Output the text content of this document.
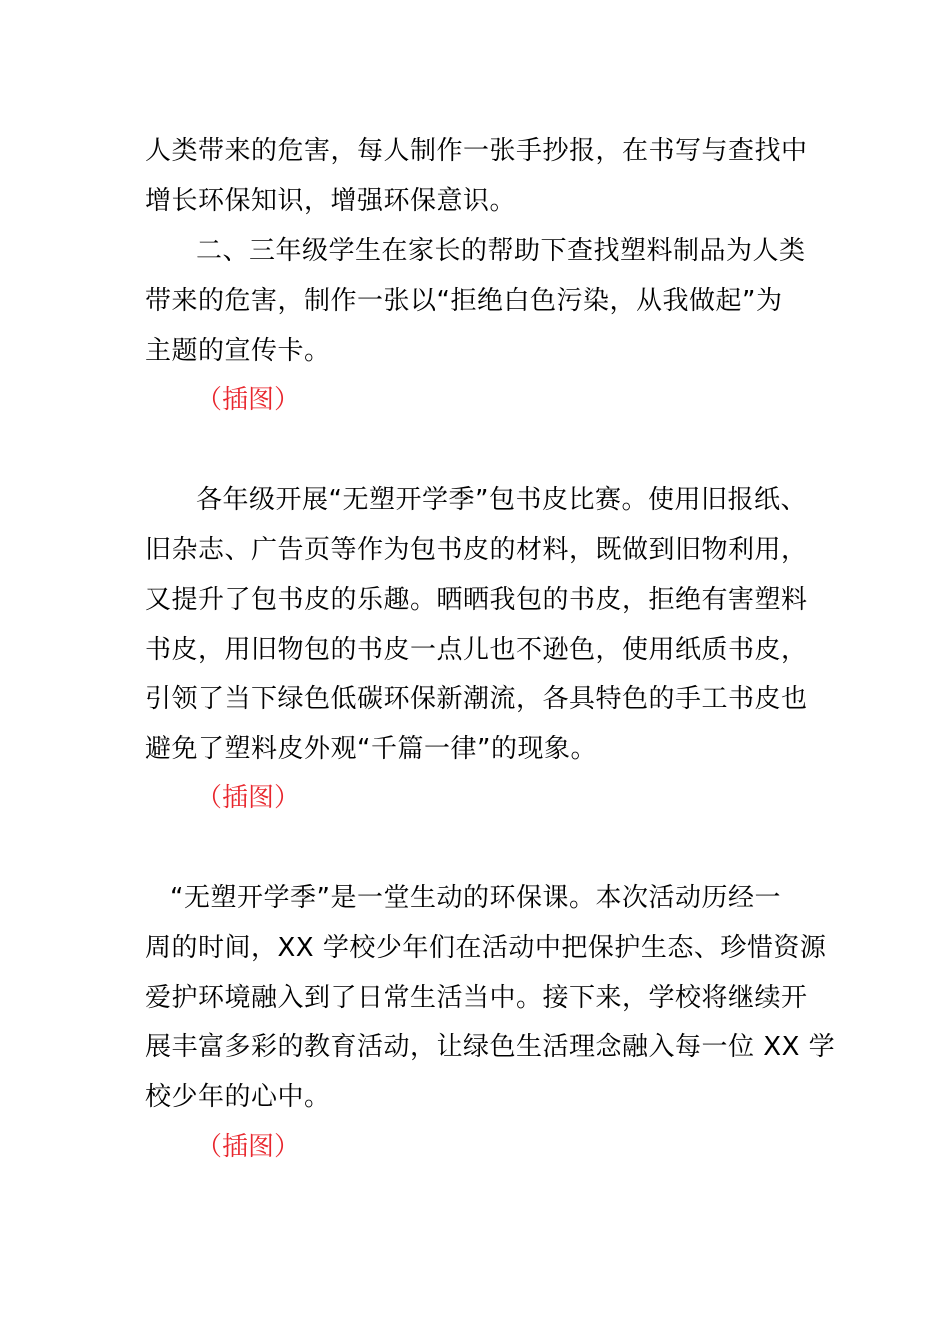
人类带来的危害，每人制作一张手抄报，在书写与查找中
增长环保知识，增强环保意识。
二、三年级学生在家长的帮助下查找塑料制品为人类
带来的危害，制作一张以“拒绝白色污染，从我做起”为
主题的宣传卡。
（插图）
各年级开展“无塑开学季”包书皮比赛。使用旧报纸、
旧杂志、广告页等作为包书皮的材料，既做到旧物利用，
又提升了包书皮的乐趣。晒晒我包的书皮，拒绝有害塑料
书皮，用旧物包的书皮一点儿也不逊色，使用纸质书皮，
引领了当下绿色低碳环保新潮流，各具特色的手工书皮也
避免了塑料皮外观“千篇一律”的现象。
（插图）
“无塑开学季”是一堂生动的环保课。本次活动历经一
周的时间，XX 学校少年们在活动中把保护生态、珍惜资源
爱护环境融入到了日常生活当中。接下来，学校将继续开
展丰富多彩的教育活动，让绿色生活理念融入每一位 XX 学
校少年的心中。
（插图）
